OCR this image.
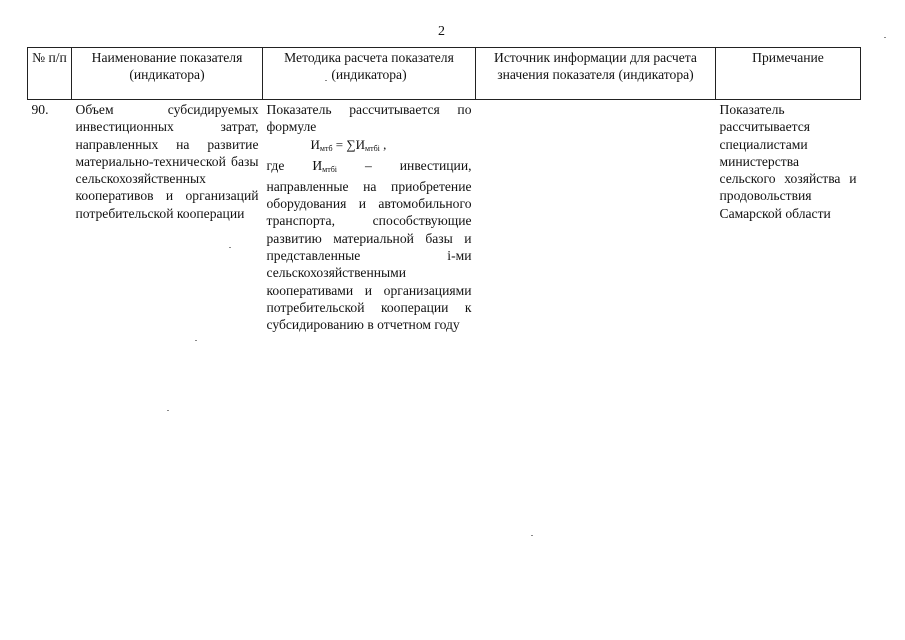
2
№ п/п	Наименование показателя (индикатора)	Методика расчета показателя (индикатора)	Источник информации для расчета значения показателя (индикатора)	Примечание
90.	Объем субсидируемых инвестиционных затрат, направленных на развитие материально-технической базы сельскохозяйственных кооперативов и организаций потребительской кооперации	Показатель рассчитывается по формуле
$И_{мтб} = \sum И_{мтбi}$ ,
где $И_{мтбi}$ – инвестиции, направленные на приобретение оборудования и автомобильного транспорта, способствующие развитию материальной базы и представленные i-ми сельскохозяйственными кооперативами и организациями потребительской кооперации к субсидированию в отчетном году		Показатель рассчитывается специалистами министерства сельского хозяйства и продовольствия Самарской области
